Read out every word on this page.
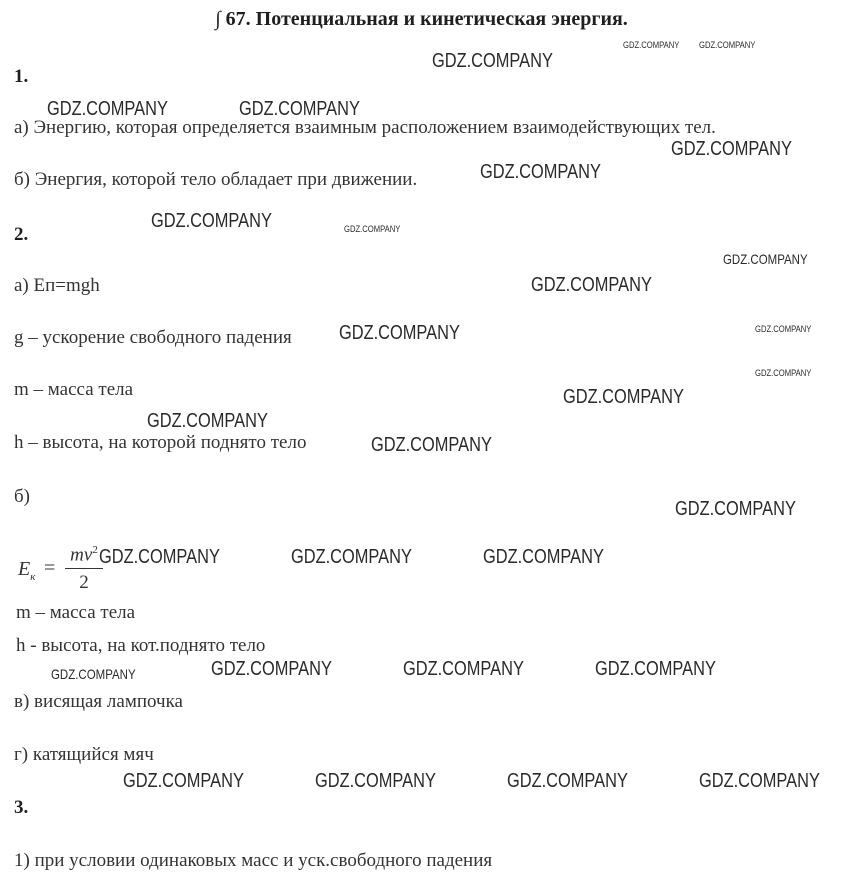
∫ 67. Потенциальная и кинетическая энергия.
1.
а) Энергию, которая определяется взаимным расположением взаимодействующих тел.
б) Энергия, которой тело обладает при движении.
2.
а) Eп=mgh
g – ускорение свободного падения
m – масса тела
h – высота, на которой поднято тело
б)
$E_к$ =
$mv^2$
2
m – масса тела
h - высота, на кот.поднято тело
в) висящая лампочка
г) катящийся мяч
3.
1) при условии одинаковых масс и уск.свободного падения
GDZ.COMPANY
GDZ.COMPANY GDZ.COMPANY
GDZ.COMPANY	GDZ.COMPANY
GDZ.COMPANY
GDZ.COMPANY
GDZ.COMPANY	GDZ.COMPANY
GDZ.COMPANY
GDZ.COMPANY
GDZ.COMPANY
GDZ.COMPANY
GDZ.COMPANY
GDZ.COMPANY
GDZ.COMPANY
GDZ.COMPANY
GDZ.COMPANY
GDZ.COMPANY	GDZ.COMPANY	GDZ.COMPANY
GDZ.COMPANY	GDZ.COMPANY	GDZ.COMPANY	GDZ.COMPANY
GDZ.COMPANY	GDZ.COMPANY	GDZ.COMPANY	GDZ.COMPANY
